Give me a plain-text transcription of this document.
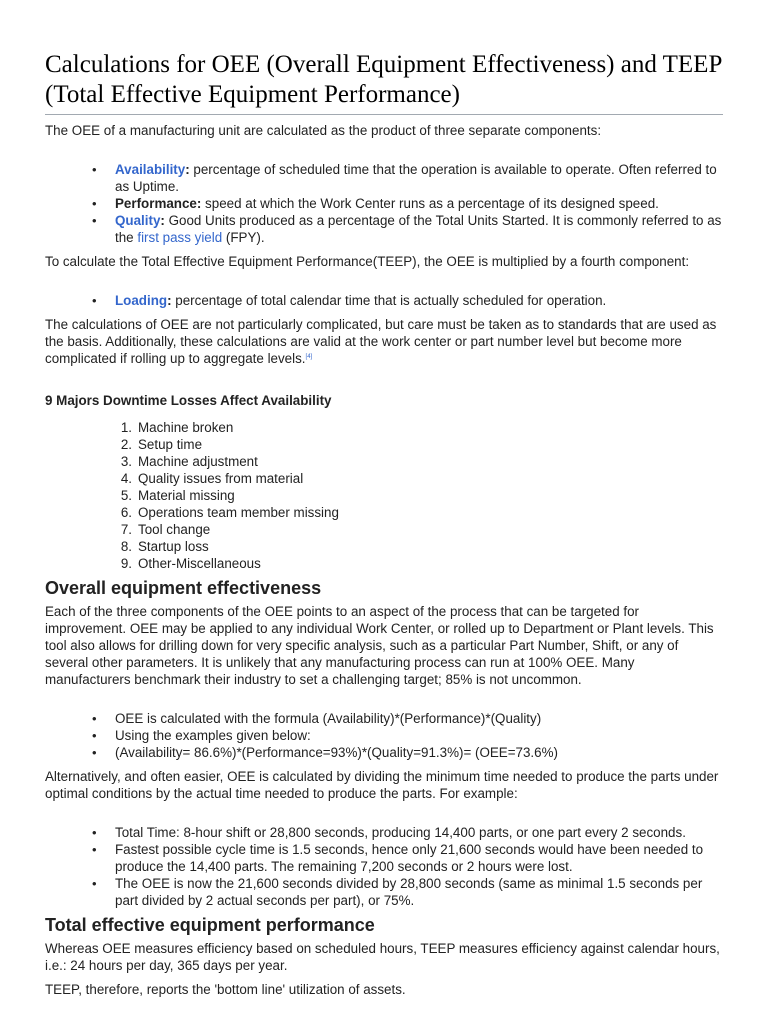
Calculations for OEE (Overall Equipment Effectiveness) and TEEP (Total Effective Equipment Performance)

The OEE of a manufacturing unit are calculated as the product of three separate components:

• Availability: percentage of scheduled time that the operation is available to operate. Often referred to as Uptime.
• Performance: speed at which the Work Center runs as a percentage of its designed speed.
• Quality: Good Units produced as a percentage of the Total Units Started. It is commonly referred to as the first pass yield (FPY).

To calculate the Total Effective Equipment Performance(TEEP), the OEE is multiplied by a fourth component:

• Loading: percentage of total calendar time that is actually scheduled for operation.

The calculations of OEE are not particularly complicated, but care must be taken as to standards that are used as the basis. Additionally, these calculations are valid at the work center or part number level but become more complicated if rolling up to aggregate levels.[4]

9 Majors Downtime Losses Affect Availability
1. Machine broken
2. Setup time
3. Machine adjustment
4. Quality issues from material
5. Material missing
6. Operations team member missing
7. Tool change
8. Startup loss
9. Other-Miscellaneous
Overall equipment effectiveness

Each of the three components of the OEE points to an aspect of the process that can be targeted for improvement. OEE may be applied to any individual Work Center, or rolled up to Department or Plant levels. This tool also allows for drilling down for very specific analysis, such as a particular Part Number, Shift, or any of several other parameters. It is unlikely that any manufacturing process can run at 100% OEE. Many manufacturers benchmark their industry to set a challenging target; 85% is not uncommon.

• OEE is calculated with the formula (Availability)*(Performance)*(Quality)
• Using the examples given below:
• (Availability= 86.6%)*(Performance=93%)*(Quality=91.3%)= (OEE=73.6%)

Alternatively, and often easier, OEE is calculated by dividing the minimum time needed to produce the parts under optimal conditions by the actual time needed to produce the parts. For example:

• Total Time: 8-hour shift or 28,800 seconds, producing 14,400 parts, or one part every 2 seconds.
• Fastest possible cycle time is 1.5 seconds, hence only 21,600 seconds would have been needed to produce the 14,400 parts. The remaining 7,200 seconds or 2 hours were lost.
• The OEE is now the 21,600 seconds divided by 28,800 seconds (same as minimal 1.5 seconds per part divided by 2 actual seconds per part), or 75%.
Total effective equipment performance

Whereas OEE measures efficiency based on scheduled hours, TEEP measures efficiency against calendar hours, i.e.: 24 hours per day, 365 days per year.

TEEP, therefore, reports the 'bottom line' utilization of assets.
